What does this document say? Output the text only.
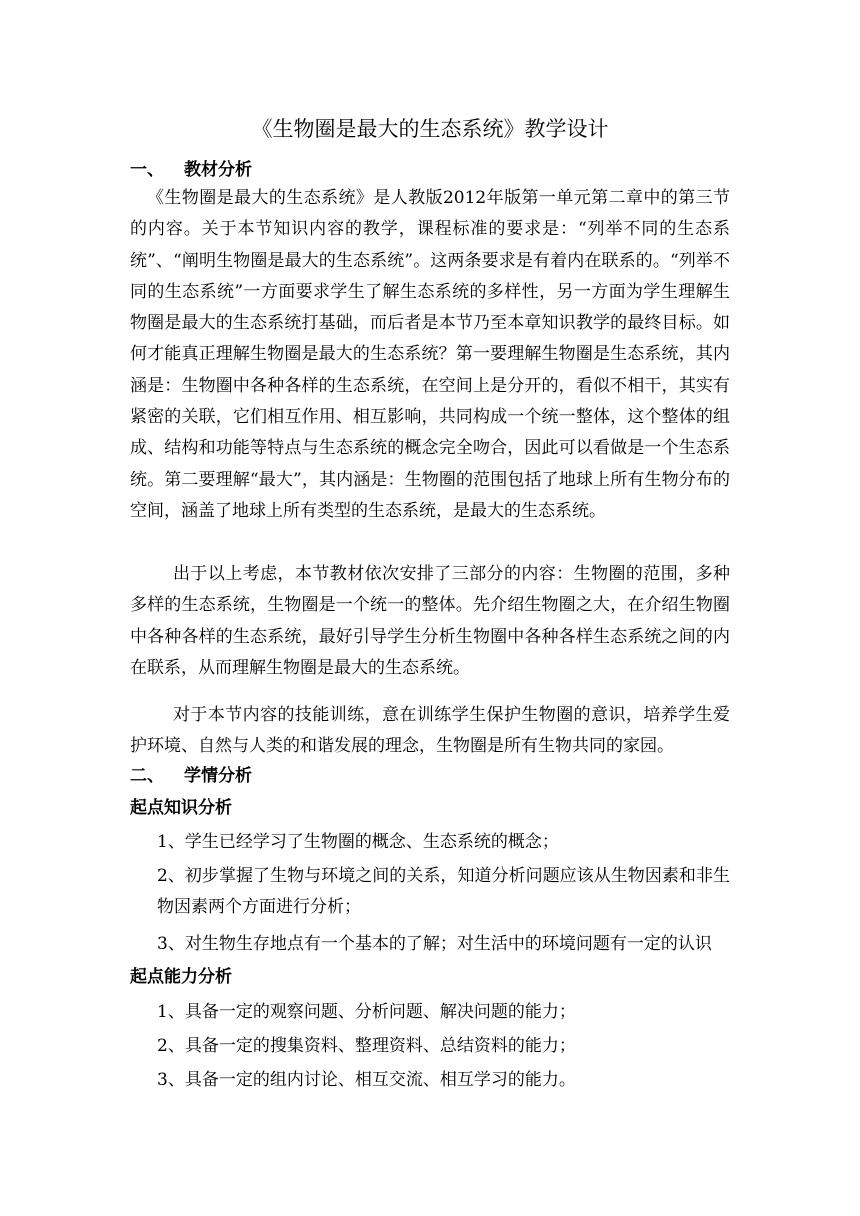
《生物圈是最大的生态系统》教学设计
一、 教材分析

《生物圈是最大的生态系统》是人教版2012年版第一单元第二章中的第三节的内容。关于本节知识内容的教学，课程标准的要求是：“列举不同的生态系统”、“阐明生物圈是最大的生态系统”。这两条要求是有着内在联系的。“列举不同的生态系统”一方面要求学生了解生态系统的多样性，另一方面为学生理解生物圈是最大的生态系统打基础，而后者是本节乃至本章知识教学的最终目标。如何才能真正理解生物圈是最大的生态系统？第一要理解生物圈是生态系统，其内涵是：生物圈中各种各样的生态系统，在空间上是分开的，看似不相干，其实有紧密的关联，它们相互作用、相互影响，共同构成一个统一整体，这个整体的组成、结构和功能等特点与生态系统的概念完全吻合，因此可以看做是一个生态系统。第二要理解“最大”，其内涵是：生物圈的范围包括了地球上所有生物分布的空间，涵盖了地球上所有类型的生态系统，是最大的生态系统。

出于以上考虑，本节教材依次安排了三部分的内容：生物圈的范围，多种多样的生态系统，生物圈是一个统一的整体。先介绍生物圈之大，在介绍生物圈中各种各样的生态系统，最好引导学生分析生物圈中各种各样生态系统之间的内在联系，从而理解生物圈是最大的生态系统。

对于本节内容的技能训练，意在训练学生保护生物圈的意识，培养学生爱护环境、自然与人类的和谐发展的理念，生物圈是所有生物共同的家园。

二、 学情分析
起点知识分析

1、学生已经学习了生物圈的概念、生态系统的概念；

2、初步掌握了生物与环境之间的关系，知道分析问题应该从生物因素和非生物因素两个方面进行分析；

3、对生物生存地点有一个基本的了解；对生活中的环境问题有一定的认识

起点能力分析

1、具备一定的观察问题、分析问题、解决问题的能力；

2、具备一定的搜集资料、整理资料、总结资料的能力；

3、具备一定的组内讨论、相互交流、相互学习的能力。
